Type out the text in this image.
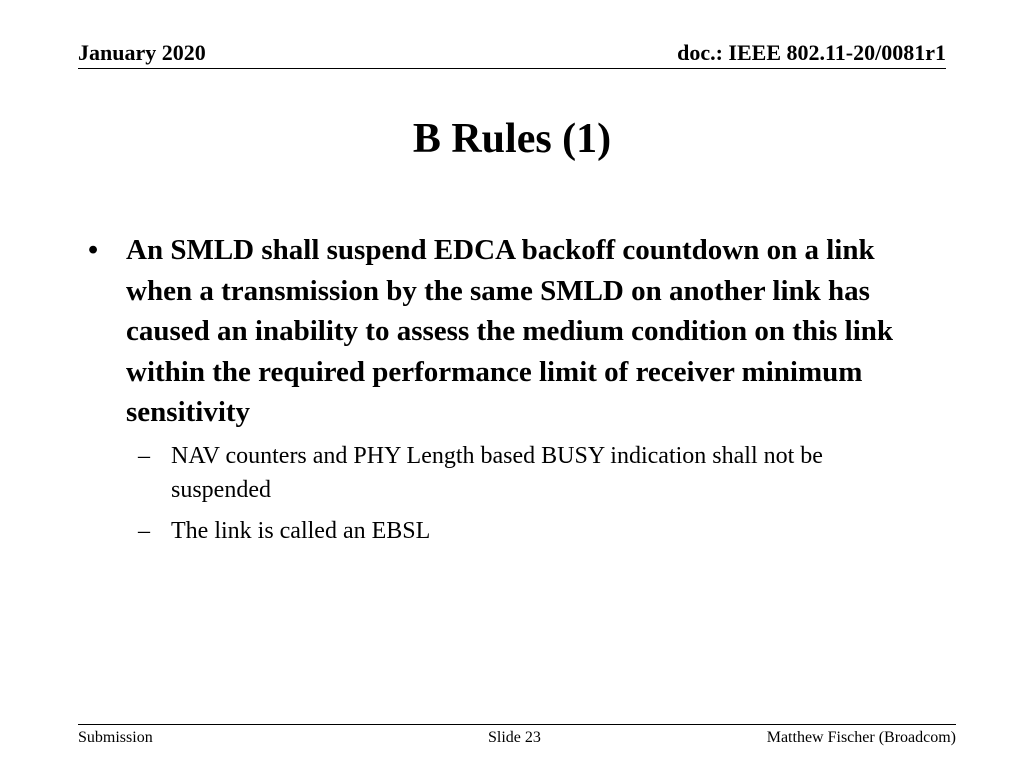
January 2020	doc.: IEEE 802.11-20/0081r1
B Rules (1)
• An SMLD shall suspend EDCA backoff countdown on a link when a transmission by the same SMLD on another link has caused an inability to assess the medium condition on this link within the required performance limit of receiver minimum sensitivity
– NAV counters and PHY Length based BUSY indication shall not be suspended
– The link is called an EBSL
Submission	Slide 23	Matthew Fischer (Broadcom)
